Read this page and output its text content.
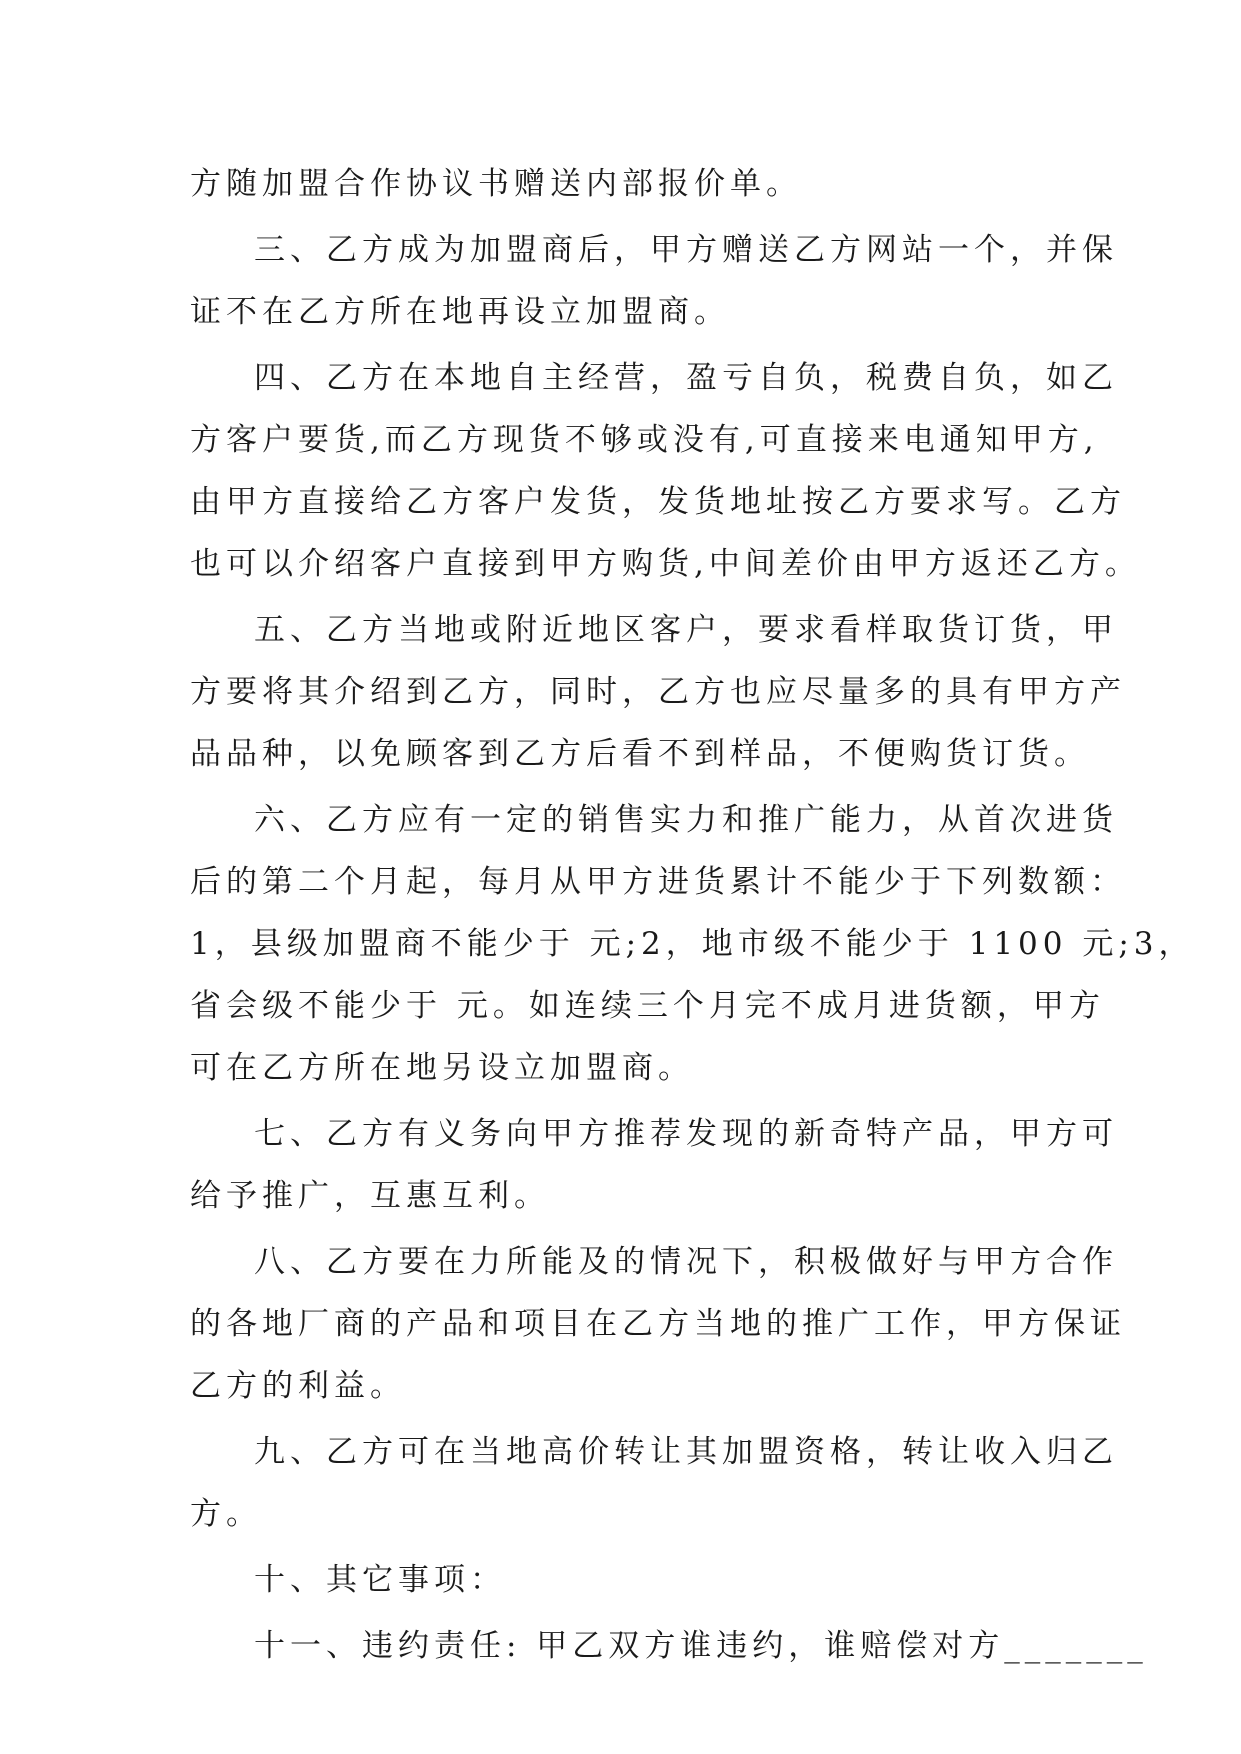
方随加盟合作协议书赠送内部报价单。
三、乙方成为加盟商后，甲方赠送乙方网站一个，并保
证不在乙方所在地再设立加盟商。
四、乙方在本地自主经营，盈亏自负，税费自负，如乙
方客户要货,而乙方现货不够或没有,可直接来电通知甲方,
由甲方直接给乙方客户发货，发货地址按乙方要求写。乙方
也可以介绍客户直接到甲方购货,中间差价由甲方返还乙方。
五、乙方当地或附近地区客户，要求看样取货订货，甲
方要将其介绍到乙方，同时，乙方也应尽量多的具有甲方产
品品种，以免顾客到乙方后看不到样品，不便购货订货。
六、乙方应有一定的销售实力和推广能力，从首次进货
后的第二个月起，每月从甲方进货累计不能少于下列数额：
1，县级加盟商不能少于 元;2，地市级不能少于 1100 元;3，
省会级不能少于 元。如连续三个月完不成月进货额，甲方
可在乙方所在地另设立加盟商。
七、乙方有义务向甲方推荐发现的新奇特产品，甲方可
给予推广，互惠互利。
八、乙方要在力所能及的情况下，积极做好与甲方合作
的各地厂商的产品和项目在乙方当地的推广工作，甲方保证
乙方的利益。
九、乙方可在当地高价转让其加盟资格，转让收入归乙
方。
十、其它事项：
十一、违约责任: 甲乙双方谁违约，谁赔偿对方_______
